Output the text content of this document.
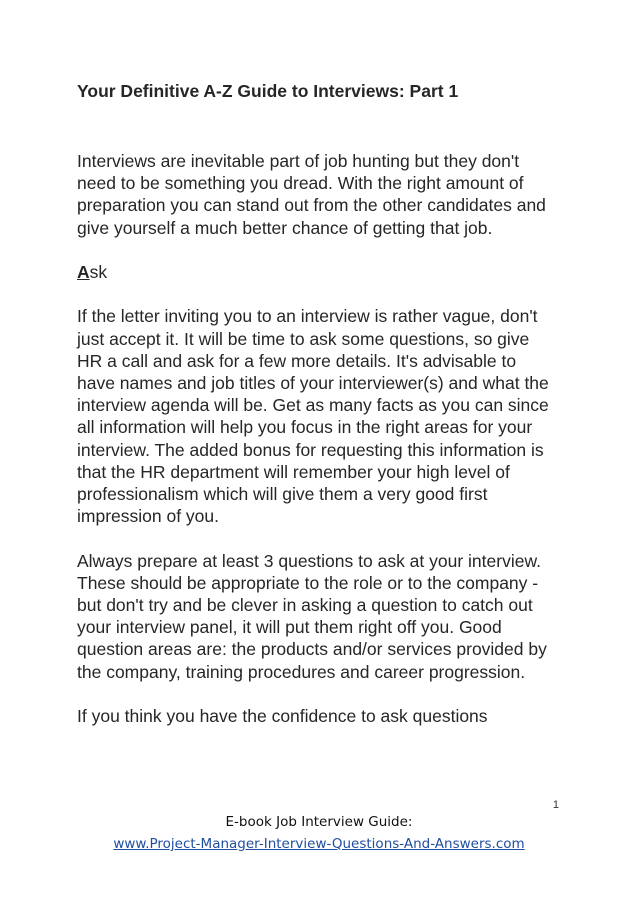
Your Definitive A-Z Guide to Interviews: Part 1

Interviews are inevitable part of job hunting but they don't need to be something you dread. With the right amount of preparation you can stand out from the other candidates and give yourself a much better chance of getting that job.

Ask

If the letter inviting you to an interview is rather vague, don't just accept it. It will be time to ask some questions, so give HR a call and ask for a few more details. It's advisable to have names and job titles of your interviewer(s) and what the interview agenda will be. Get as many facts as you can since all information will help you focus in the right areas for your interview. The added bonus for requesting this information is that the HR department will remember your high level of professionalism which will give them a very good first impression of you.

Always prepare at least 3 questions to ask at your interview. These should be appropriate to the role or to the company - but don't try and be clever in asking a question to catch out your interview panel, it will put them right off you. Good question areas are: the products and/or services provided by the company, training procedures and career progression.

If you think you have the confidence to ask questions

1
E-book Job Interview Guide:
www.Project-Manager-Interview-Questions-And-Answers.com
